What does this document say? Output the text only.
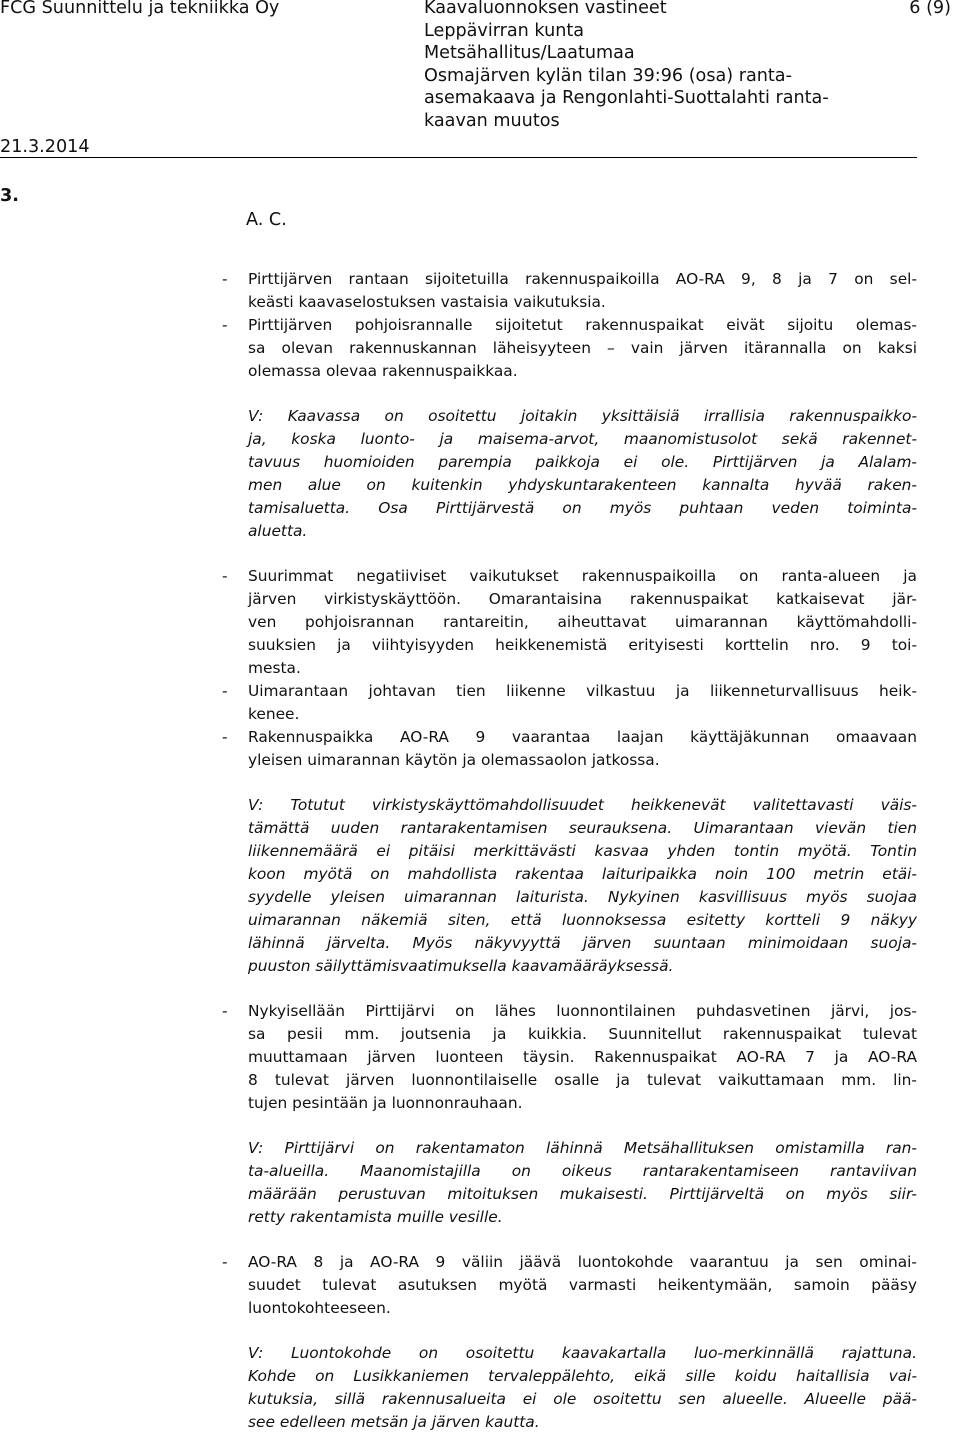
FCG Suunnittelu ja tekniikka Oy	Kaavaluonnoksen vastineet
Leppävirran kunta
Metsähallitus/Laatumaa
Osmajärven kylän tilan 39:96 (osa) ranta-
asemakaava ja Rengonlahti-Suottalahti ranta-
kaavan muutos
6 (9)
21.3.2014
3.
A. C.
- Pirttijärven rantaan sijoitetuilla rakennuspaikoilla AO-RA 9, 8 ja 7 on sel-
keästi kaavaselostuksen vastaisia vaikutuksia.
- Pirttijärven pohjoisrannalle sijoitetut rakennuspaikat eivät sijoitu olemas-
sa olevan rakennuskannan läheisyyteen – vain järven itärannalla on kaksi
olemassa olevaa rakennuspaikkaa.
V: Kaavassa on osoitettu joitakin yksittäisiä irrallisia rakennuspaikko-
ja, koska luonto- ja maisema-arvot, maanomistusolot sekä rakennet-
tavuus huomioiden parempia paikkoja ei ole. Pirttijärven ja Alalam-
men alue on kuitenkin yhdyskuntarakenteen kannalta hyvää raken-
tamisaluetta. Osa Pirttijärvestä on myös puhtaan veden toiminta-
aluetta.
- Suurimmat negatiiviset vaikutukset rakennuspaikoilla on ranta-alueen ja
järven virkistyskäyttöön. Omarantaisina rakennuspaikat katkaisevat jär-
ven pohjoisrannan rantareitin, aiheuttavat uimarannan käyttömahdolli-
suuksien ja viihtyisyyden heikkenemistä erityisesti korttelin nro. 9 toi-
mesta.
- Uimarantaan johtavan tien liikenne vilkastuu ja liikenneturvallisuus heik-
kenee.
- Rakennuspaikka AO-RA 9 vaarantaa laajan käyttäjäkunnan omaavaan
yleisen uimarannan käytön ja olemassaolon jatkossa.
V: Totutut virkistyskäyttömahdollisuudet heikkenevät valitettavasti väis-
tämättä uuden rantarakentamisen seurauksena. Uimarantaan vievän tien
liikennemäärä ei pitäisi merkittävästi kasvaa yhden tontin myötä. Tontin
koon myötä on mahdollista rakentaa laituripaikka noin 100 metrin etäi-
syydelle yleisen uimarannan laiturista. Nykyinen kasvillisuus myös suojaa
uimarannan näkemiä siten, että luonnoksessa esitetty kortteli 9 näkyy
lähinnä järvelta. Myös näkyvyyttä järven suuntaan minimoidaan suoja-
puuston säilyttämisvaatimuksella kaavamääräyksessä.
- Nykyisellään Pirttijärvi on lähes luonnontilainen puhdasvetinen järvi, jos-
sa pesii mm. joutsenia ja kuikkia. Suunnitellut rakennuspaikat tulevat
muuttamaan järven luonteen täysin. Rakennuspaikat AO-RA 7 ja AO-RA
8 tulevat järven luonnontilaiselle osalle ja tulevat vaikuttamaan mm. lin-
tujen pesintään ja luonnonrauhaan.
V: Pirttijärvi on rakentamaton lähinnä Metsähallituksen omistamilla ran-
ta-alueilla. Maanomistajilla on oikeus rantarakentamiseen rantaviivan
määrään perustuvan mitoituksen mukaisesti. Pirttijärveltä on myös siir-
retty rakentamista muille vesille.
- AO-RA 8 ja AO-RA 9 väliin jäävä luontokohde vaarantuu ja sen ominai-
suudet tulevat asutuksen myötä varmasti heikentymään, samoin pääsy
luontokohteeseen.
V: Luontokohde on osoitettu kaavakartalla luo-merkinnällä rajattuna.
Kohde on Lusikkaniemen tervaleppälehto, eikä sille koidu haitallisia vai-
kutuksia, sillä rakennusalueita ei ole osoitettu sen alueelle. Alueelle pää-
see edelleen metsän ja järven kautta.
